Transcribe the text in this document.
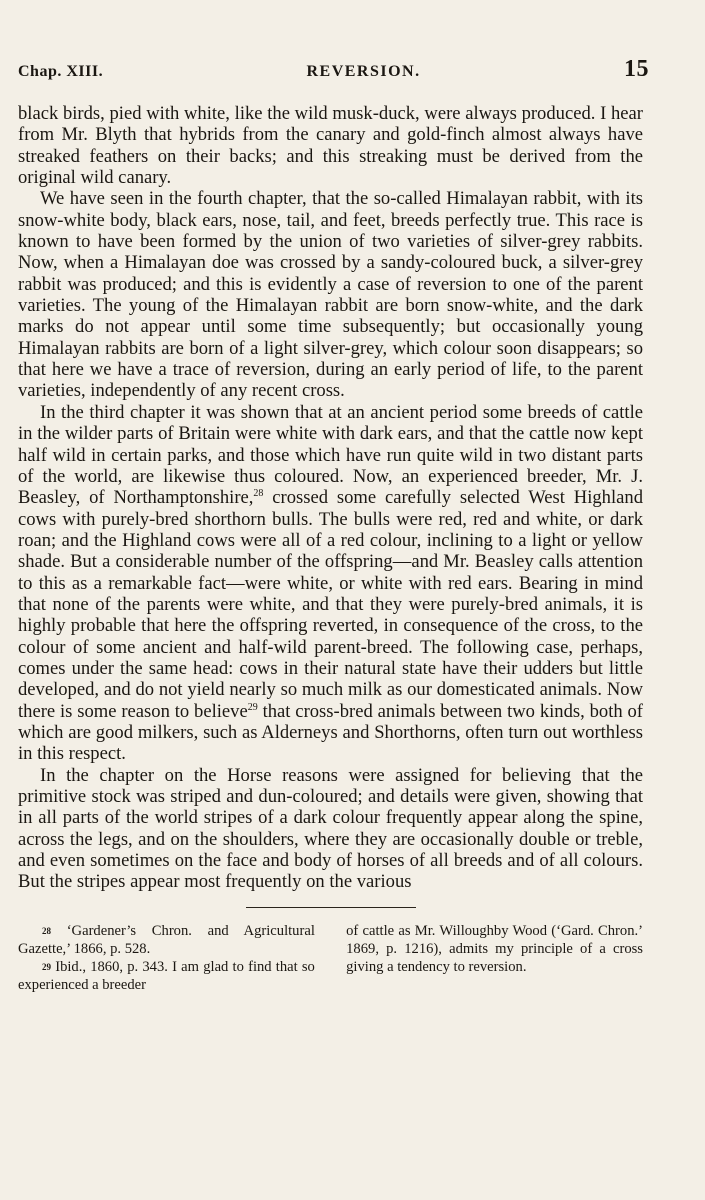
Chap. XIII.	REVERSION.	15

black birds, pied with white, like the wild musk-duck, were always produced. I hear from Mr. Blyth that hybrids from the canary and gold-finch almost always have streaked feathers on their backs; and this streaking must be derived from the original wild canary.

We have seen in the fourth chapter, that the so-called Himalayan rabbit, with its snow-white body, black ears, nose, tail, and feet, breeds perfectly true. This race is known to have been formed by the union of two varieties of silver-grey rabbits. Now, when a Himalayan doe was crossed by a sandy-coloured buck, a silver-grey rabbit was produced; and this is evidently a case of reversion to one of the parent varieties. The young of the Himalayan rabbit are born snow-white, and the dark marks do not appear until some time subsequently; but occasionally young Himalayan rabbits are born of a light silver-grey, which colour soon disappears; so that here we have a trace of reversion, during an early period of life, to the parent varieties, independently of any recent cross.

In the third chapter it was shown that at an ancient period some breeds of cattle in the wilder parts of Britain were white with dark ears, and that the cattle now kept half wild in certain parks, and those which have run quite wild in two distant parts of the world, are likewise thus coloured. Now, an experienced breeder, Mr. J. Beasley, of Northamptonshire,$^{28}$ crossed some carefully selected West Highland cows with purely-bred shorthorn bulls. The bulls were red, red and white, or dark roan; and the Highland cows were all of a red colour, inclining to a light or yellow shade. But a considerable number of the offspring—and Mr. Beasley calls attention to this as a remarkable fact—were white, or white with red ears. Bearing in mind that none of the parents were white, and that they were purely-bred animals, it is highly probable that here the offspring reverted, in consequence of the cross, to the colour of some ancient and half-wild parent-breed. The following case, perhaps, comes under the same head: cows in their natural state have their udders but little developed, and do not yield nearly so much milk as our domesticated animals. Now there is some reason to believe$^{29}$ that cross-bred animals between two kinds, both of which are good milkers, such as Alderneys and Shorthorns, often turn out worthless in this respect.

In the chapter on the Horse reasons were assigned for believing that the primitive stock was striped and dun-coloured; and details were given, showing that in all parts of the world stripes of a dark colour frequently appear along the spine, across the legs, and on the shoulders, where they are occasionally double or treble, and even sometimes on the face and body of horses of all breeds and of all colours. But the stripes appear most frequently on the various

$^{28}$ ‘Gardener’s Chron. and Agricultural Gazette,’ 1866, p. 528.

$^{29}$ Ibid., 1860, p. 343. I am glad to find that so experienced a breeder

of cattle as Mr. Willoughby Wood (‘Gard. Chron.’ 1869, p. 1216), admits my principle of a cross giving a tendency to reversion.
